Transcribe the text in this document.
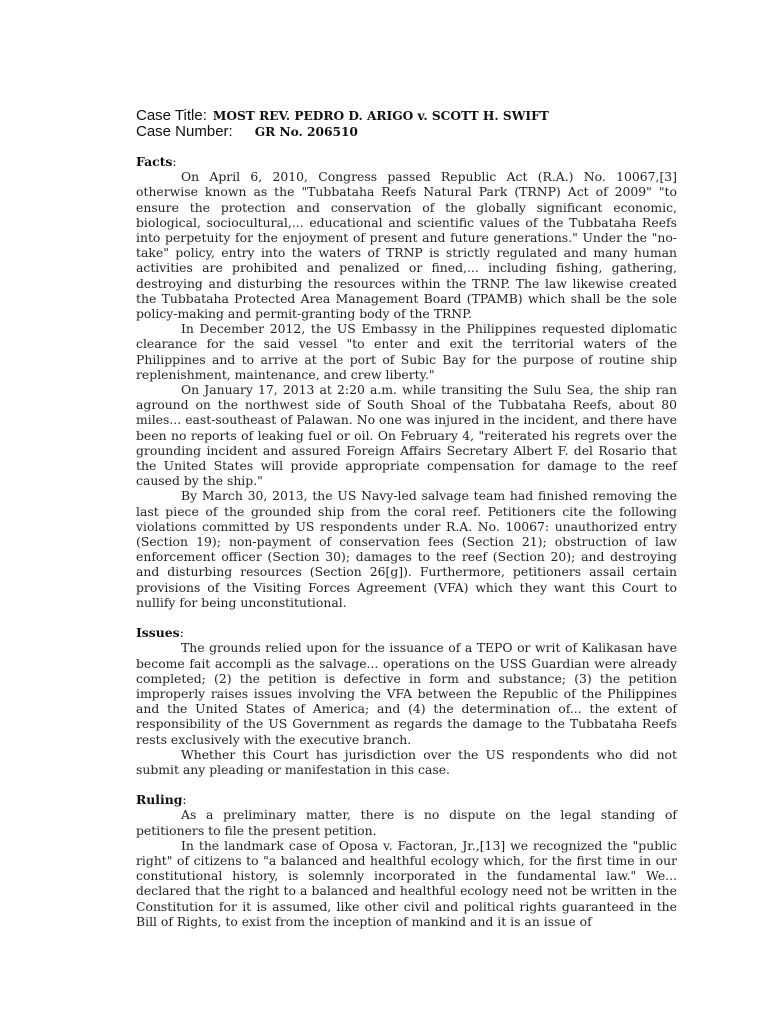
Case Title: MOST REV. PEDRO D. ARIGO v. SCOTT H. SWIFT
Case Number: GR No. 206510
Facts:

On April 6, 2010, Congress passed Republic Act (R.A.) No. 10067,[3] otherwise known as the "Tubbataha Reefs Natural Park (TRNP) Act of 2009" "to ensure the protection and conservation of the globally significant economic, biological, sociocultural,... educational and scientific values of the Tubbataha Reefs into perpetuity for the enjoyment of present and future generations." Under the "no-take" policy, entry into the waters of TRNP is strictly regulated and many human activities are prohibited and penalized or fined,... including fishing, gathering, destroying and disturbing the resources within the TRNP. The law likewise created the Tubbataha Protected Area Management Board (TPAMB) which shall be the sole policy-making and permit-granting body of the TRNP.

In December 2012, the US Embassy in the Philippines requested diplomatic clearance for the said vessel "to enter and exit the territorial waters of the Philippines and to arrive at the port of Subic Bay for the purpose of routine ship replenishment, maintenance, and crew liberty."

On January 17, 2013 at 2:20 a.m. while transiting the Sulu Sea, the ship ran aground on the northwest side of South Shoal of the Tubbataha Reefs, about 80 miles... east-southeast of Palawan. No one was injured in the incident, and there have been no reports of leaking fuel or oil. On February 4, "reiterated his regrets over the grounding incident and assured Foreign Affairs Secretary Albert F. del Rosario that the United States will provide appropriate compensation for damage to the reef caused by the ship."

By March 30, 2013, the US Navy-led salvage team had finished removing the last piece of the grounded ship from the coral reef. Petitioners cite the following violations committed by US respondents under R.A. No. 10067: unauthorized entry (Section 19); non-payment of conservation fees (Section 21); obstruction of law enforcement officer (Section 30); damages to the reef (Section 20); and destroying and disturbing resources (Section 26[g]). Furthermore, petitioners assail certain provisions of the Visiting Forces Agreement (VFA) which they want this Court to nullify for being unconstitutional.

Issues:

The grounds relied upon for the issuance of a TEPO or writ of Kalikasan have become fait accompli as the salvage... operations on the USS Guardian were already completed; (2) the petition is defective in form and substance; (3) the petition improperly raises issues involving the VFA between the Republic of the Philippines and the United States of America; and (4) the determination of... the extent of responsibility of the US Government as regards the damage to the Tubbataha Reefs rests exclusively with the executive branch.

Whether this Court has jurisdiction over the US respondents who did not submit any pleading or manifestation in this case.

Ruling:

As a preliminary matter, there is no dispute on the legal standing of petitioners to file the present petition.

In the landmark case of Oposa v. Factoran, Jr.,[13] we recognized the "public right" of citizens to "a balanced and healthful ecology which, for the first time in our constitutional history, is solemnly incorporated in the fundamental law." We... declared that the right to a balanced and healthful ecology need not be written in the Constitution for it is assumed, like other civil and political rights guaranteed in the Bill of Rights, to exist from the inception of mankind and it is an issue of
